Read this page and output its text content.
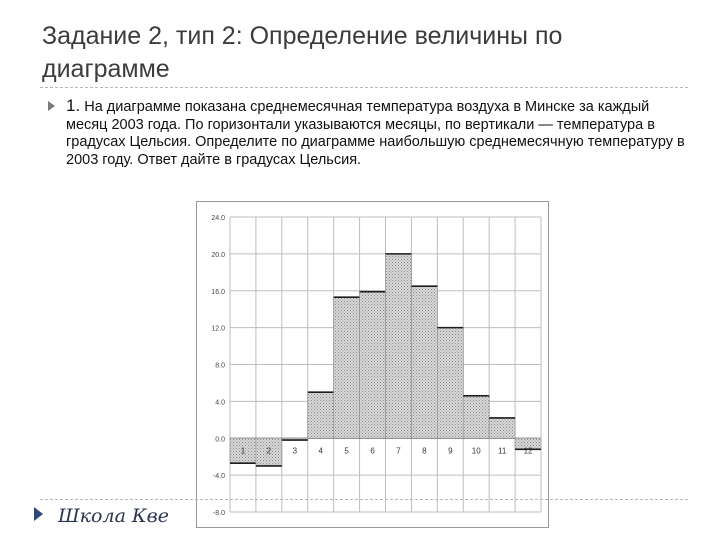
Задание 2, тип 2: Определение величины по диаграмме
1. На диаграмме показана среднемесячная температура воздуха в Минске за каждый месяц 2003 года. По горизонтали указываются месяцы, по вертикали — температура в градусах Цельсия. Определите по диаграмме наибольшую среднемесячную температуру в 2003 году. Ответ дайте в градусах Цельсия.
24.0
20.0
16.0
12.0
8.0
4.0
0.0
-4.0
-8.0
1	2	3	4	5	6	7	8	9 10 11 12
Школа Кве
